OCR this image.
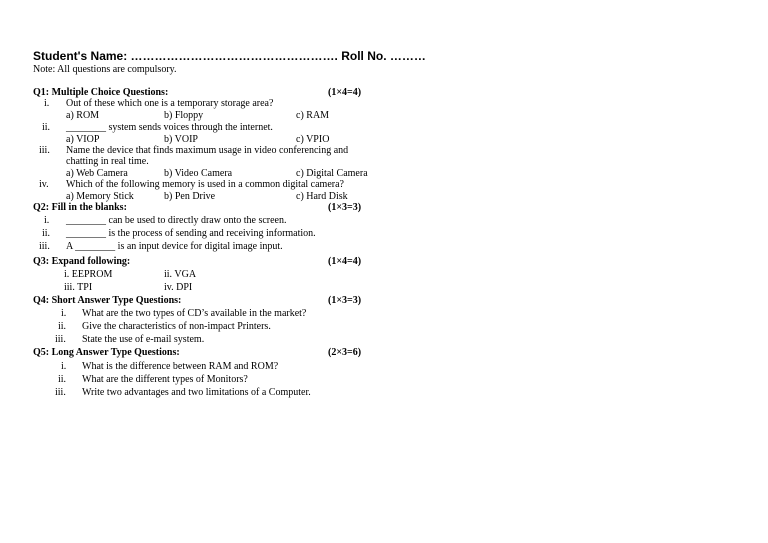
Student's Name: ……………………………………………. Roll No. ………
Note: All questions are compulsory.
Q1: Multiple Choice Questions:	(1×4=4)
i. Out of these which one is a temporary storage area?
a) ROM	b) Floppy	c) RAM
ii. ________ system sends voices through the internet.
a) VIOP	b) VOIP	c) VPIO
iii. Name the device that finds maximum usage in video conferencing and
chatting in real time.
a) Web Camera	b) Video Camera	c) Digital Camera
iv. Which of the following memory is used in a common digital camera?
a) Memory Stick	b) Pen Drive	c) Hard Disk
Q2: Fill in the blanks:	(1×3=3)
i. ________ can be used to directly draw onto the screen.
ii. ________ is the process of sending and receiving information.
iii. A ________ is an input device for digital image input.
Q3: Expand following:	(1×4=4)
i. EEPROM	ii. VGA
iii. TPI	iv. DPI
Q4: Short Answer Type Questions:	(1×3=3)
i. What are the two types of CD’s available in the market?
ii. Give the characteristics of non-impact Printers.
iii. State the use of e-mail system.
Q5: Long Answer Type Questions:	(2×3=6)
i. What is the difference between RAM and ROM?
ii. What are the different types of Monitors?
iii. Write two advantages and two limitations of a Computer.
